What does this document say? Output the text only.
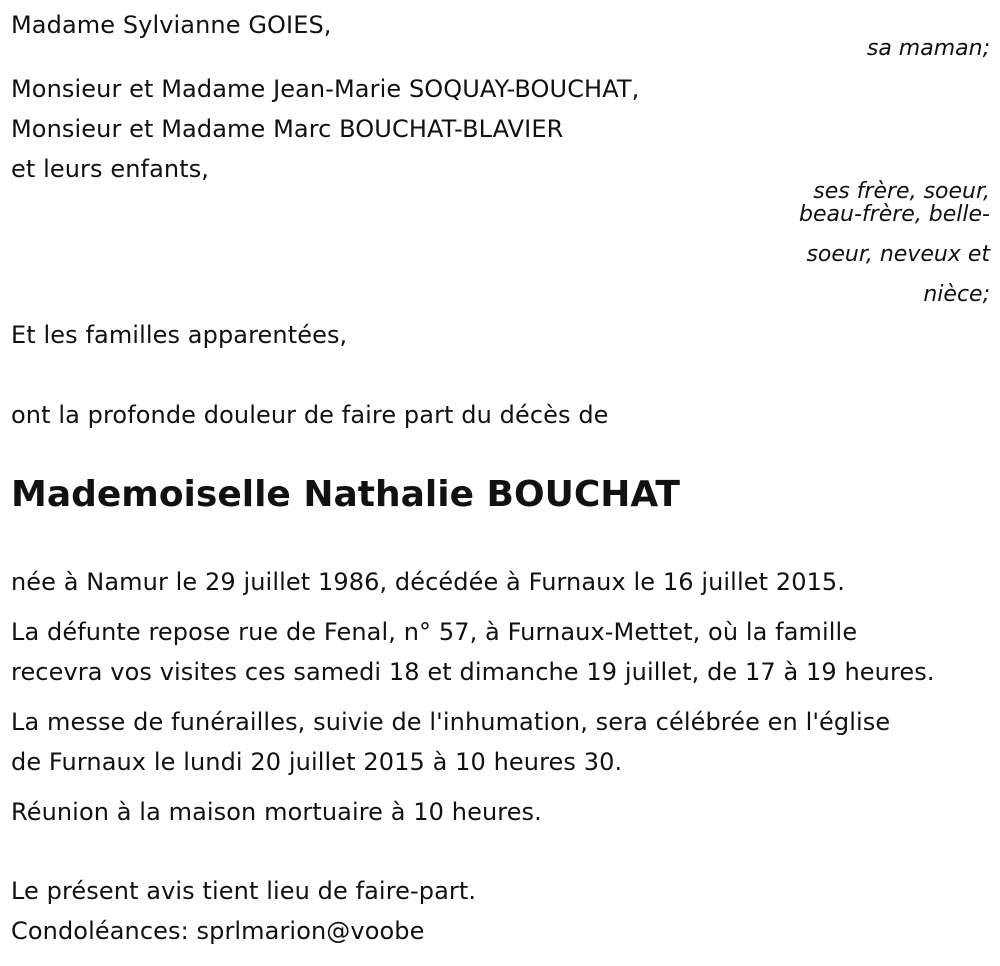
Madame Sylvianne GOIES,
sa maman;
Monsieur et Madame Jean-Marie SOQUAY-BOUCHAT,
Monsieur et Madame Marc BOUCHAT-BLAVIER
et leurs enfants,
ses frère, soeur,
beau-frère, belle-
soeur, neveux et
nièce;
Et les familles apparentées,
ont la profonde douleur de faire part du décès de
Mademoiselle Nathalie BOUCHAT
née à Namur le 29 juillet 1986, décédée à Furnaux le 16 juillet 2015.
La défunte repose rue de Fenal, n° 57, à Furnaux-Mettet, où la famille
recevra vos visites ces samedi 18 et dimanche 19 juillet, de 17 à 19 heures.
La messe de funérailles, suivie de l'inhumation, sera célébrée en l'église
de Furnaux le lundi 20 juillet 2015 à 10 heures 30.
Réunion à la maison mortuaire à 10 heures.
Le présent avis tient lieu de faire-part.
Condoléances: sprlmarion@voobe
